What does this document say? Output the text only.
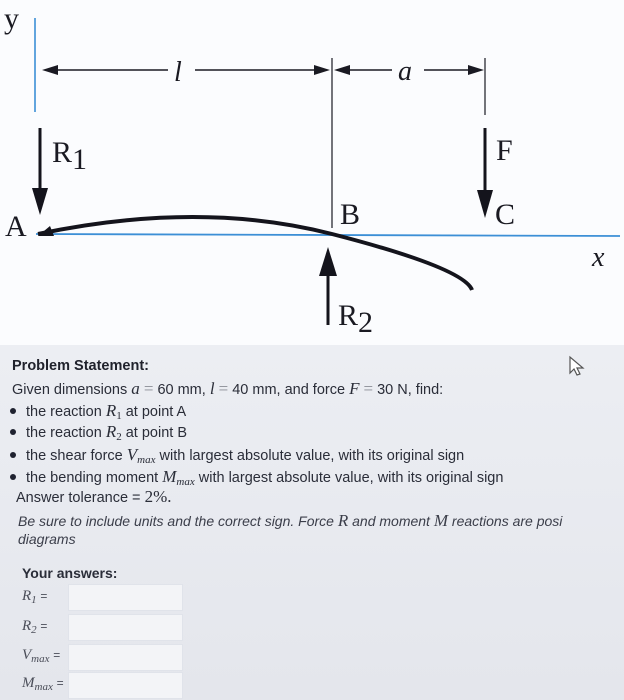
y
x
l	a
R1	F
A	B	C
R2
Problem Statement:
Given dimensions a = 60 mm, l = 40 mm, and force F = 30 N, find:
the reaction $R_1$ at point A
the reaction $R_2$ at point B
the shear force $V_{max}$ with largest absolute value, with its original sign
the bending moment $M_{max}$ with largest absolute value, with its original sign
Answer tolerance = 2%.
Be sure to include units and the correct sign. Force R and moment M reactions are posi
diagrams
Your answers:
$R_1$ =
$R_2$ =
$V_{max}$ =
$M_{max}$ =
